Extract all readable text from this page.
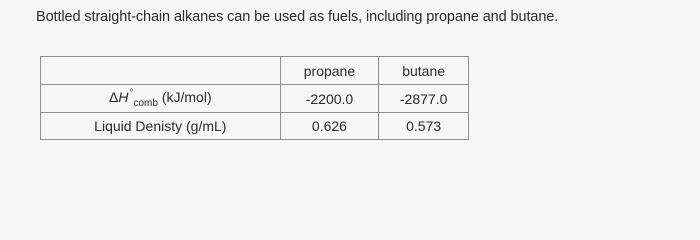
Bottled straight-chain alkanes can be used as fuels, including propane and butane.
	propane	butane
$\Delta H^\circ_{comb}$ (kJ/mol)	-2200.0	-2877.0
Liquid Denisty (g/mL)	0.626	0.573
